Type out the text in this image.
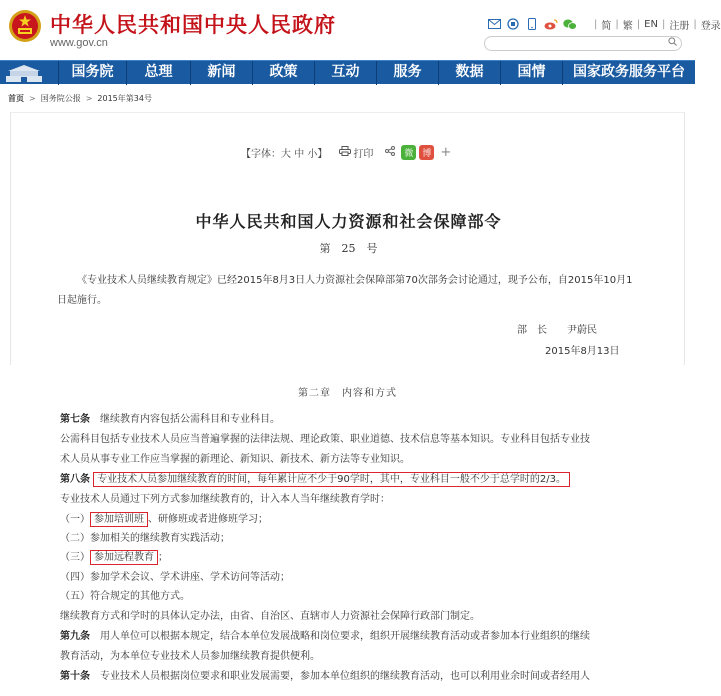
中华人民共和国中央人民政府
www.gov.cn
| 简 | 繁 | EN | 注册 | 登录
国务院	总理	新闻	政策	互动	服务	数据	国情	国家政务服务平台
首页 > 国务院公报 > 2015年第34号
【字体： 大
中
小 】	打印	微 博 +
中华人民共和国人力资源和社会保障部令
第　25　号
《专业技术人员继续教育规定》已经2015年8月3日人力资源社会保障部第70次部务会讨论通过，现予公布，自2015年10月1日起施行。
部　长　　尹蔚民
2015年8月13日
第二章　内容和方式
第七条　继续教育内容包括公需科目和专业科目。
公需科目包括专业技术人员应当普遍掌握的法律法规、理论政策、职业道德、技术信息等基本知识。专业科目包括专业技
术人员从事专业工作应当掌握的新理论、新知识、新技术、新方法等专业知识。
第八条 专业技术人员参加继续教育的时间，每年累计应不少于90学时，其中，专业科目一般不少于总学时的2/3。
专业技术人员通过下列方式参加继续教育的，计入本人当年继续教育学时：
（一） 参加培训班 、研修班或者进修班学习；
（二）参加相关的继续教育实践活动；
（三） 参加远程教育 ；
（四）参加学术会议、学术讲座、学术访问等活动；
（五）符合规定的其他方式。
继续教育方式和学时的具体认定办法，由省、自治区、直辖市人力资源社会保障行政部门制定。
第九条　用人单位可以根据本规定，结合本单位发展战略和岗位要求，组织开展继续教育活动或者参加本行业组织的继续
教育活动，为本单位专业技术人员参加继续教育提供便利。
第十条　专业技术人员根据岗位要求和职业发展需要，参加本单位组织的继续教育活动，也可以利用业余时间或者经用人
